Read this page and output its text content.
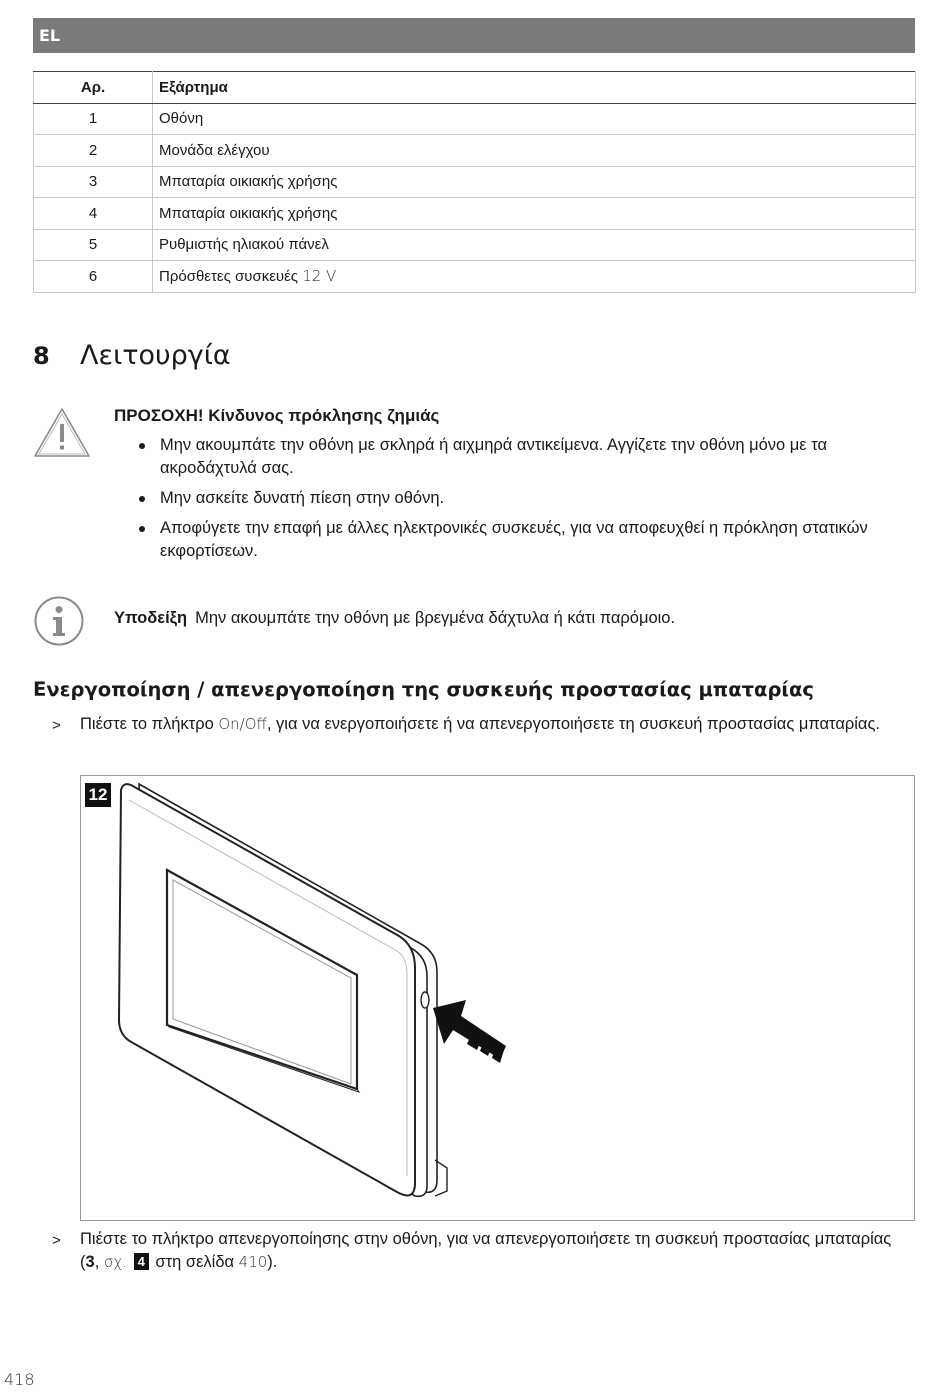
EL
Αρ.	Εξάρτημα
1	Οθόνη
2	Μονάδα ελέγχου
3	Μπαταρία οικιακής χρήσης
4	Μπαταρία οικιακής χρήσης
5	Ρυθμιστής ηλιακού πάνελ
6	Πρόσθετες συσκευές 12 V
8 Λειτουργία
ΠΡΟΣΟΧΗ! Κίνδυνος πρόκλησης ζημιάς
Μην ακουμπάτε την οθόνη με σκληρά ή αιχμηρά αντικείμενα. Αγγίζετε την οθόνη μόνο με τα ακροδάχτυλά σας.
Μην ασκείτε δυνατή πίεση στην οθόνη.
Αποφύγετε την επαφή με άλλες ηλεκτρονικές συσκευές, για να αποφευχθεί η πρόκληση στατικών εκφορτίσεων.
Υποδείξη Μην ακουμπάτε την οθόνη με βρεγμένα δάχτυλα ή κάτι παρόμοιο.
Ενεργοποίηση / απενεργοποίηση της συσκευής προστασίας μπαταρίας
> Πιέστε το πλήκτρο On/Off, για να ενεργοποιήσετε ή να απενεργοποιήσετε τη συσκευή προστασίας μπαταρίας.
12
> Πιέστε το πλήκτρο απενεργοποίησης στην οθόνη, για να απενεργοποιήσετε τη συσκευή προστασίας μπαταρίας (3, σχ. 4 στη σελίδα 410).
418
